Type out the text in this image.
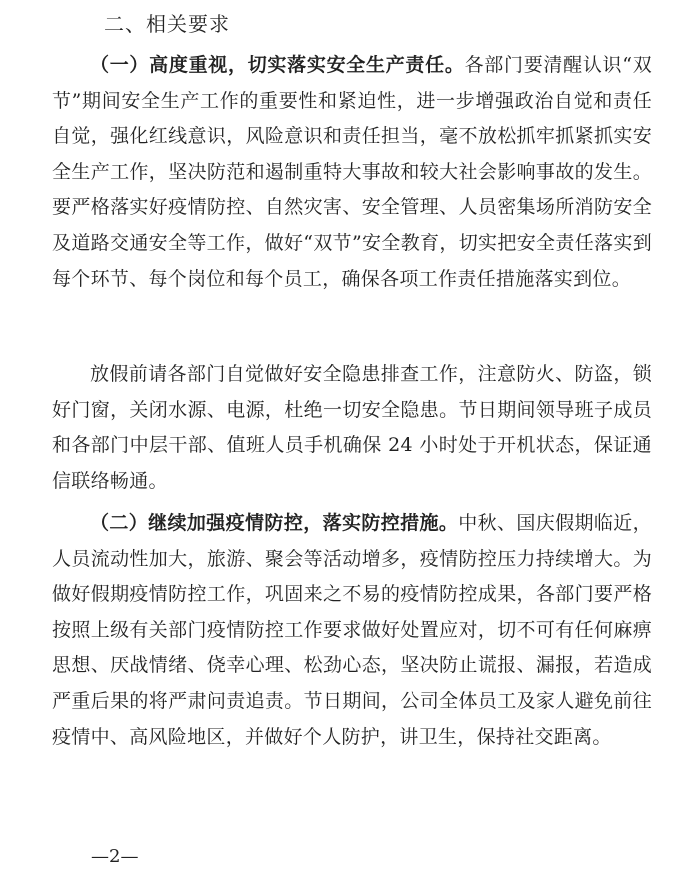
二、相关要求

（一）高度重视，切实落实安全生产责任。各部门要清醒认识“双节”期间安全生产工作的重要性和紧迫性，进一步增强政治自觉和责任自觉，强化红线意识，风险意识和责任担当，毫不放松抓牢抓紧抓实安全生产工作，坚决防范和遏制重特大事故和较大社会影响事故的发生。要严格落实好疫情防控、自然灾害、安全管理、人员密集场所消防安全及道路交通安全等工作，做好“双节”安全教育，切实把安全责任落实到每个环节、每个岗位和每个员工，确保各项工作责任措施落实到位。

放假前请各部门自觉做好安全隐患排查工作，注意防火、防盗，锁好门窗，关闭水源、电源，杜绝一切安全隐患。节日期间领导班子成员和各部门中层干部、值班人员手机确保 24 小时处于开机状态，保证通信联络畅通。

（二）继续加强疫情防控，落实防控措施。中秋、国庆假期临近，人员流动性加大，旅游、聚会等活动增多，疫情防控压力持续增大。为做好假期疫情防控工作，巩固来之不易的疫情防控成果，各部门要严格按照上级有关部门疫情防控工作要求做好处置应对，切不可有任何麻痹思想、厌战情绪、侥幸心理、松劲心态，坚决防止谎报、漏报，若造成严重后果的将严肃问责追责。节日期间，公司全体员工及家人避免前往疫情中、高风险地区，并做好个人防护，讲卫生，保持社交距离。

—2—
